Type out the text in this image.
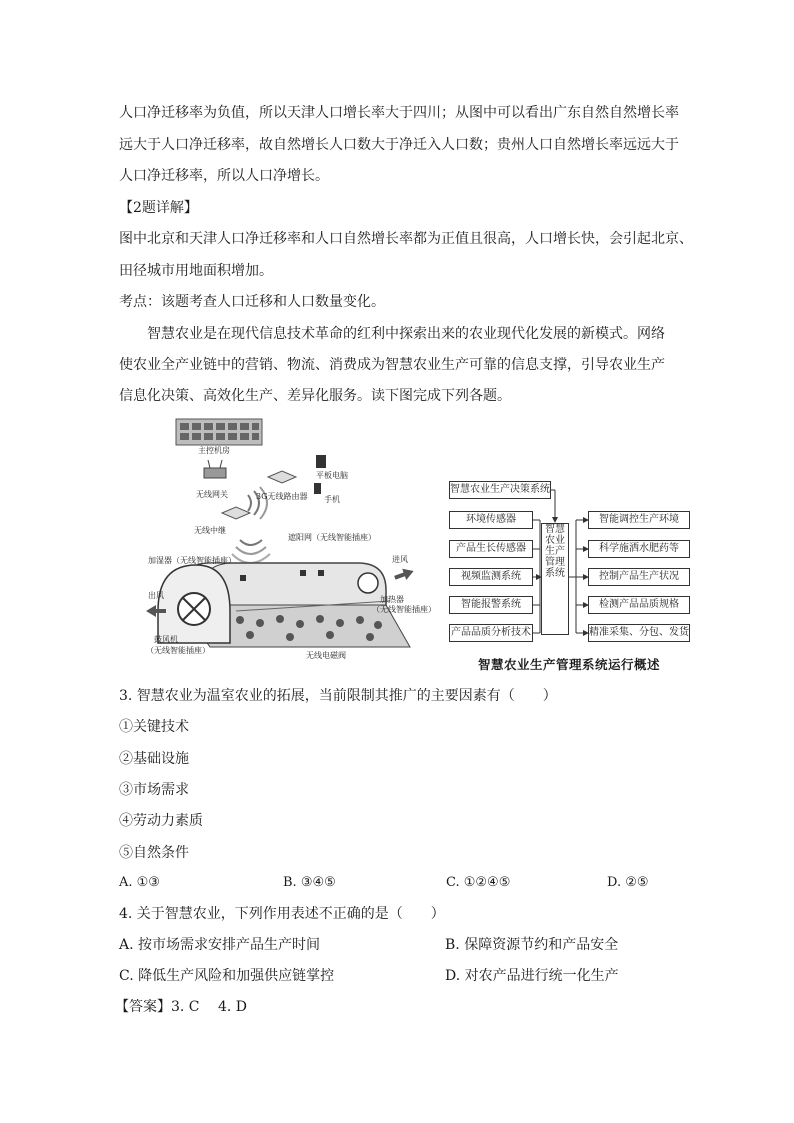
人口净迁移率为负值，所以天津人口增长率大于四川；从图中可以看出广东自然自然增长率
远大于人口净迁移率，故自然增长人口数大于净迁入人口数；贵州人口自然增长率远远大于
人口净迁移率，所以人口净增长。
【2题详解】
图中北京和天津人口净迁移率和人口自然增长率都为正值且很高，人口增长快，会引起北京、
田径城市用地面积增加。
考点：该题考查人口迁移和人口数量变化。
智慧农业是在现代信息技术革命的红利中探索出来的农业现代化发展的新模式。网络
使农业全产业链中的营销、物流、消费成为智慧农业生产可靠的信息支撑，引导农业生产
信息化决策、高效化生产、差异化服务。读下图完成下列各题。
主控机房
无线网关	3G无线路由器
平板电脑
手机
无线中继
遮阳网（无线智能插座）
加湿器（无线智能插座）	进风
出风	加热器
（无线智能插座）
鼓风机
（无线智能插座）
无线电磁阀
智慧农业生产决策系统
环境传感器
产品生长传感器
视频监测系统
智能报警系统
产品品质分析技术
智慧农业生产管理系统
智能调控生产环境
科学施洒水肥药等
控制产品生产状况
检测产品品质规格
精准采集、分包、发货
智慧农业生产管理系统运行概述
3. 智慧农业为温室农业的拓展，当前限制其推广的主要因素有（　　）
①关键技术
②基础设施
③市场需求
④劳动力素质
⑤自然条件
A. ①③	B. ③④⑤	C. ①②④⑤	D. ②⑤
4. 关于智慧农业，下列作用表述不正确的是（　　）
A. 按市场需求安排产品生产时间	B. 保障资源节约和产品安全
C. 降低生产风险和加强供应链掌控	D. 对农产品进行统一化生产
【答案】3. C　 4. D
